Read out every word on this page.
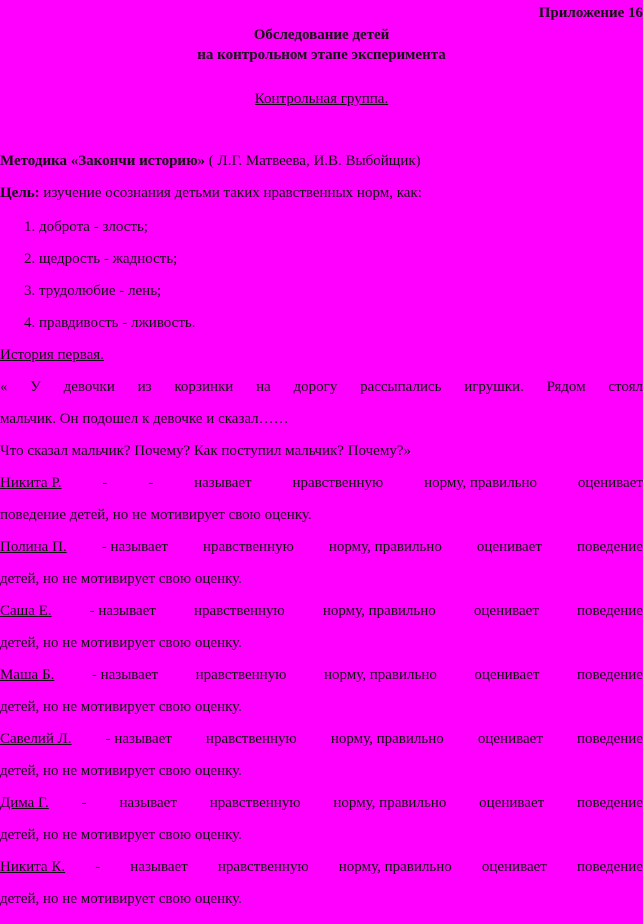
Приложение 16
Обследование детей
на контрольном этапе эксперимента
Контрольная группа.
Методика «Закончи историю» ( Л.Г. Матвеева, И.В. Выбойщик)
Цель: изучение осознания детьми таких нравственных норм, как:
1. доброта - злость;
2. щедрость - жадность;
3. трудолюбие - лень;
4. правдивость - лживость.
История первая.
« У девочки из корзинки на дорогу рассыпались игрушки. Рядом стоял
мальчик. Он подошел к девочке и сказал……
Что сказал мальчик? Почему? Как поступил мальчик? Почему?»
Никита Р.	-	-	называет	нравственную	норму, правильно	оценивает
поведение детей, но не мотивирует свою оценку.
Полина П. - называет нравственную норму, правильно оценивает поведение
детей, но не мотивирует свою оценку.
Саша Е.	- называет	нравственную	норму, правильно	оценивает	поведение
детей, но не мотивирует свою оценку.
Маша Б.	- называет	нравственную	норму, правильно	оценивает	поведение
детей, но не мотивирует свою оценку.
Савелий Л. - называет нравственную норму, правильно оценивает поведение
детей, но не мотивирует свою оценку.
Дима Г. - называет нравственную норму, правильно оценивает поведение
детей, но не мотивирует свою оценку.
Никита К. - называет нравственную норму, правильно оценивает поведение
детей, но не мотивирует свою оценку.
